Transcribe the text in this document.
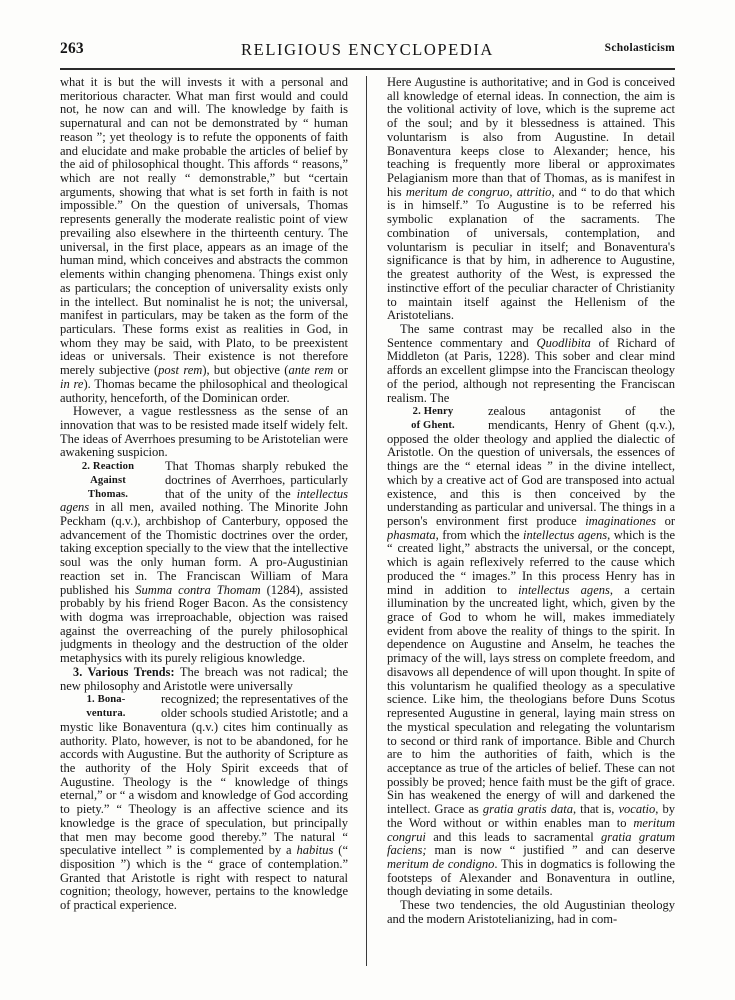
263	RELIGIOUS ENCYCLOPEDIA	Scholasticism

what it is but the will invests it with a personal and meritorious character. What man first would and could not, he now can and will. The knowledge by faith is supernatural and can not be demonstrated by “ human reason ”; yet theology is to refute the opponents of faith and elucidate and make probable the articles of belief by the aid of philosophical thought. This affords “ reasons,” which are not really “ demonstrable,” but “certain arguments, showing that what is set forth in faith is not impossible.” On the question of universals, Thomas represents generally the moderate realistic point of view prevailing also elsewhere in the thirteenth century. The universal, in the first place, appears as an image of the human mind, which conceives and abstracts the common elements within changing phenomena. Things exist only as particulars; the conception of universality exists only in the intellect. But nominalist he is not; the universal, manifest in particulars, may be taken as the form of the particulars. These forms exist as realities in God, in whom they may be said, with Plato, to be preexistent ideas or universals. Their existence is not therefore merely subjective (post rem), but objective (ante rem or in re). Thomas became the philosophical and theological authority, henceforth, of the Dominican order.

However, a vague restlessness as the sense of an innovation that was to be resisted made itself widely felt. The ideas of Averrhoes presuming to be Aristotelian were awakening suspicion.

2. Reaction
Against
Thomas.

That Thomas sharply rebuked the doctrines of Averrhoes, particularly that of the unity of the intellectus agens in all men, availed nothing. The Minorite John Peckham (q.v.), archbishop of Canterbury, opposed the advancement of the Thomistic doctrines over the order, taking exception specially to the view that the intellective soul was the only human form. A pro-Augustinian reaction set in. The Franciscan William of Mara published his Summa contra Thomam (1284), assisted probably by his friend Roger Bacon. As the consistency with dogma was irreproachable, objection was raised against the overreaching of the purely philosophical judgments in theology and the destruction of the older metaphysics with its purely religious knowledge.

3. Various Trends: The breach was not radical; the new philosophy and Aristotle were universally

1. Bona-
ventura.

recognized; the representatives of the older schools studied Aristotle; and a mystic like Bonaventura (q.v.) cites him continually as authority. Plato, however, is not to be abandoned, for he accords with Augustine. But the authority of Scripture as the authority of the Holy Spirit exceeds that of Augustine. Theology is the “ knowledge of things eternal,” or “ a wisdom and knowledge of God according to piety.” “ Theology is an affective science and its knowledge is the grace of speculation, but principally that men may become good thereby.” The natural “ speculative intellect ” is complemented by a habitus (“ disposition ”) which is the “ grace of contemplation.” Granted that Aristotle is right with respect to natural cognition; theology, however, pertains to the knowledge of practical experience.

Here Augustine is authoritative; and in God is conceived all knowledge of eternal ideas. In connection, the aim is the volitional activity of love, which is the supreme act of the soul; and by it blessedness is attained. This voluntarism is also from Augustine. In detail Bonaventura keeps close to Alexander; hence, his teaching is frequently more liberal or approximates Pelagianism more than that of Thomas, as is manifest in his meritum de congruo, attritio, and “ to do that which is in himself.” To Augustine is to be referred his symbolic explanation of the sacraments. The combination of universals, contemplation, and voluntarism is peculiar in itself; and Bonaventura's significance is that by him, in adherence to Augustine, the greatest authority of the West, is expressed the instinctive effort of the peculiar character of Christianity to maintain itself against the Hellenism of the Aristotelians.

The same contrast may be recalled also in the Sentence commentary and Quodlibita of Richard of Middleton (at Paris, 1228). This sober and clear mind affords an excellent glimpse into the Franciscan theology of the period, although not representing the Franciscan realism. The

2. Henry
of Ghent.

zealous antagonist of the mendicants, Henry of Ghent (q.v.), opposed the older theology and applied the dialectic of Aristotle. On the question of universals, the essences of things are the “ eternal ideas ” in the divine intellect, which by a creative act of God are transposed into actual existence, and this is then conceived by the understanding as particular and universal. The things in a person's environment first produce imaginationes or phasmata, from which the intellectus agens, which is the “ created light,” abstracts the universal, or the concept, which is again reflexively referred to the cause which produced the “ images.” In this process Henry has in mind in addition to intellectus agens, a certain illumination by the uncreated light, which, given by the grace of God to whom he will, makes immediately evident from above the reality of things to the spirit. In dependence on Augustine and Anselm, he teaches the primacy of the will, lays stress on complete freedom, and disavows all dependence of will upon thought. In spite of this voluntarism he qualified theology as a speculative science. Like him, the theologians before Duns Scotus represented Augustine in general, laying main stress on the mystical speculation and relegating the voluntarism to second or third rank of importance. Bible and Church are to him the authorities of faith, which is the acceptance as true of the articles of belief. These can not possibly be proved; hence faith must be the gift of grace. Sin has weakened the energy of will and darkened the intellect. Grace as gratia gratis data, that is, vocatio, by the Word without or within enables man to meritum congrui and this leads to sacramental gratia gratum faciens; man is now “ justified ” and can deserve meritum de condigno. This in dogmatics is following the footsteps of Alexander and Bonaventura in outline, though deviating in some details.

These two tendencies, the old Augustinian theology and the modern Aristotelianizing, had in com-
